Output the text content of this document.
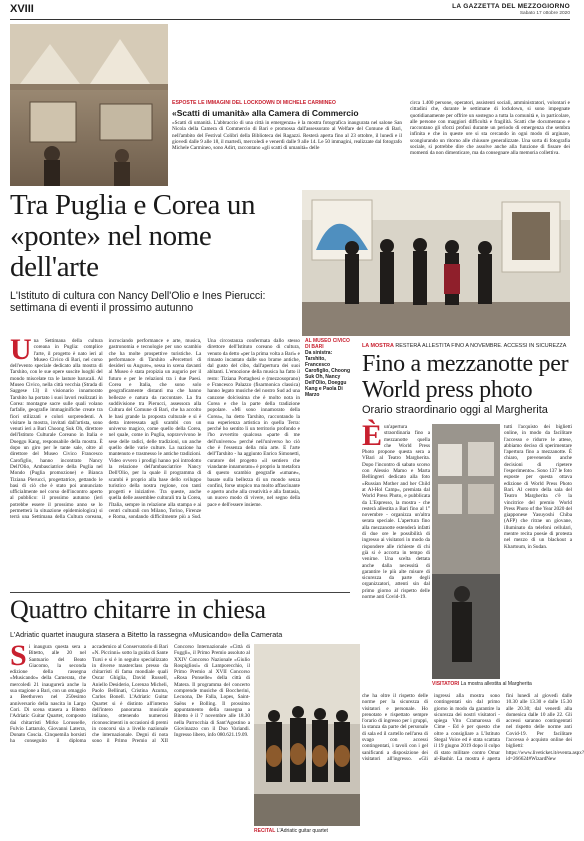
XVIII	LA GAZZETTA DEL MEZZOGIORNO
Sabato 17 ottobre 2020
ESPOSTE LE IMMAGINI DEL LOCKDOWN DI MICHELE CARMINEO
«Scatti di umanità» alla Camera di Commercio
«Scatti di umanità. L'abbraccio di una città in emergenza» è la mostra fotografica inaugurata nel salone San Nicola della Camera di Commercio di Bari e promossa dall'assessorato al Welfare del Comune di Bari, nell'ambito del Festival Colibrì della Biblioteca dei Ragazzi. Resterà aperta fino al 23 ottobre, il lunedì e il giovedì dalle 9 alle 18, il martedì, mercoledì e venerdì dalle 9 alle 14. Le 50 immagini, realizzate dal fotografo Michele Carmineo, sono Adirt, raccontano «gli scatti di umanità» delle
circa 1.400 persone, operatori, assistenti sociali, amministratori, volontari e cittadini che, durante le settimane di lockdown, si sono impegnate quotidianamente per offrire un sostegno a tutta la comunità e, in particolare, alle persone con maggiori difficoltà e fragilità. Scatti che documentano e raccontano gli sforzi profusi durante un periodo di emergenza che sembra infinita e che in queste ore si sta cercando in ogni modo di arginare, scongiurando un ritorno alle chiusure generalizzate. Una sorta di fotografia sociale, si potrebbe dire che assolve anche alla funzione di fissare dei momenti da non dimenticare, ma da consegnare alla memoria collettiva.
Tra Puglia e Corea un «ponte» nel nome dell'arte
L'Istituto di cultura con Nancy Dell'Olio e Ines Pierucci: settimana di eventi il prossimo autunno
Una Settimana della cultura coreana in Puglia: complice l'arte, il progetto è nato ieri al Museo Civico di Bari, nel corso dell'evento speciale dedicato alla mostra di Tarshito, con le sue opere suscite luoghi del mondo miscelate tra le lasture barucali. Al Museo Civico, nella città vecchia (Strada di Saggese 13) il visionario innamorato Tarshito ha portato i suoi lavori realizzati in Corea: montagne sacre sulle quali volano farfalle, geografie immaginifiche create tra fiori stilizzati e colori sorprendenti. A visitare la mostra, invitati dall'artista, sono venuti ieri a Bari Choong Suk Oh, direttore dell'Istituto Culturale Coreano in Italia e Doeggu Kang, responsabile della mostra. È dopo un giro per le tante sale, oltre al direttore del Museo Civico Francesco Carofiglio, hanno incontrato Nancy Dell'Olio, Ambasciatrice della Puglia nel Mondo (Puglia promozione) e Bianca Tiziana Pierucci, progettatrice, gettando le basi di ciò che è stato poi annunciato ufficialmente nel corso dell'incontro aperto al pubblico: il prossimo autunno (ieri potrebbe essere il prossimo anno se lo permetterà la situazione epidemiologica) si terrà una Settimana della Cultura coreana, incrociando performance e arte, musica, gastronomia e tecnologie per uno scambio che ha molte prospettive turistiche. La performance di Tarshito «Percettori di desideri su Augure», sessa in scena davanti al Museo è stata propizia un augurio per il futuro e per le relazioni tra i due Paesi. Corea e Italia, che sono solo geograficamente distanti ma che hanno bellezze e natura da raccontare. La fra suddivisione tra Pierucci, assessora alla Cultura del Comune di Bari, che ha accolto le basi grande la proposta culturale e si è detta interessata agli scambi con un universo magico, come quello della Corea, nel quale, come in Puglia, sopravvivono le sese delle radici, delle tradizioni, un anche quello delle varie culture. La nazione ha mantenuto e trasmesso le antiche tradizioni. Video ovvero i prodigi hanno poi introdotto la relazione dell'ambasciatrice Nancy Dell'Olio, per la quale il programma di scambi è proprio alla base dello sviluppo turistico della nostra regione, con tanti progetti e iniziative. Tra queste, anche quella delle assemblee culturali tra la Corea, l'Italia, sempre in relazione alla stampa e ai centri culturali con Milano, Torino, Firenze e Roma, sondando difficilmente più a Sud. Una circostanza confermata dallo stesso direttore dell'Istituto coreano di cultura, venuto da detto «per la prima volta a Bari» e rimasto incantato dalle suo brame antiche, dal gusto del cibo, dall'apertura dei suoi abitanti. L'emozione della musica ha fatto il resto: Tiziana Portaghesi e (mezzosoprano) e Francesco Palazzo (fisarmonica classica) hanno legato musiche del nostro Sud ad una canzone dolcissima che è molto nota in Corea e che la parte della tradizione popolare. «Mi sono innamorato della Corea», ha detto Tarshito, raccontando la sua esperienza artistica in quella Terra: perché ho sentito lì un territorio profondo e l'ho avvertito qualcosa «parte di me dell'universo» perché nell'universo ho ciò che è l'essenza della mia arte. E l'arte dell'Tarshito - ha aggiunto Enrico Simonetti, curatore del progetto «il sentiero che viandante innamorato» è proprio la metafora di questo scambio geografie «umane», basate sulla bellezza di un mondo senza confini, forse utopico ma molto affascinante e aperto anche alla creatività e alla fantasia, un nuovo modo di vivere, nel segno della pace e dell'essere insieme.
AL MUSEO CIVICO DI BARI
Da sinistra: Tarshito, Francesco Carofiglio, Choong Suk Oh, Nancy Dell'Olio, Doeggu Kang e Paola Di Marzo
LA MOSTRA RESTERÀ ALLESTITA FINO A NOVEMBRE. ACCESSI IN SICUREZZA
Fino a mezzanotte per World press photo
Orario straordinario oggi al Margherita
Èun'apertura straordinaria fino a mezzanotte quella che World Press Photo propone questa sera a VBari al Teatro Margherita. Dopo l'incontro di sabato scorso con Alessio Mamo e Marta Bellingreri dedicato alla foto «Russian Mother and her Child at Al-Hol Camp», premiata dal World Press Photo, e pubblicata da L'Espresso, la mostra - che resterà allestita a Bari fino al 1° novembre - organizza un'altra serata speciale. L'apertura fino alla mezzanotte estenderà infatti di due ore le possibilità di ingresso ai visitatori in modo da rispondere alle richieste di chi già si è accorta in tempo di venirne. Una scelta dettata anche dalla necessità di garantire le più alte misure di sicurezza da parte degli organizzatori, attenti sin dal primo giorno al rispetto delle norme anti Covid-19.
tutti l'acquisto dei biglietti online, in modo da facilitare l'accesso e ridurre le attese, abbiamo deciso di sperimentare l'apertura fino a mezzanotte. È chiaro, prevenendo anche decisioni di ripetere l'esperimento». Sono 137 le foto esposte per questa ottava edizione di World Press Photo Bari. Al centro della sala del Teatro Margherita c'è la vincitrice del premio World Press Photo of the Year 2020 del giapponese Yasuyoshi Chiba (AFP) che ritrae un giovane, illuminato da telefoni cellulari, mentre recita poesie di protesta nel mezzo di un blackout a Khartoum, in Sudan.
VISITATORI La mostra allestita al Margherita
che ha oltre il rispetto delle norme per la sicurezza di visitatori e personale. Ho prenotato e rispettato sempre l'orario di ingresso per i gruppi, la stanza da parte del personale di sala ed il cartello nell'area di svago con accessi contingentati, i tavoli con i gel sanificanti a disposizione dei visitatori all'ingresso. «Gli ingressi alla mostra sono contingentati sin dal primo giorno in modo da garantire la sicurezza dei nostri visitatori - spiega Vito Cramarossa di Cime - Ed è per questo che oltre a consigliare a L'Istituto Stegal Voice ed è stata scattata il 19 giugno 2019 dopo il colpo di stato militare contro Omar al-Bashir. La mostra è aperta fini lunedì al giovedì dalle 10.30 alle 13.30 e dalle 15.30 alle 20.30; dal venerdì alla domenica dalle 10 alle 22. Gli accessi saranno contingentati nel rispetto delle norme anti Covid-19. Per facilitare l'accesso è acquisto online dei biglietti: https://www.liveticket.it/eventa.aspx?id=266624#WizardNew
Quattro chitarre in chiesa
L'Adriatic quartet inaugura stasera a Bitetto la rassegna «Musicando» della Camerata
Si inaugura questa sera a Bitetto, alle 20 nel Santuario del Beato Giacomo, la seconda edizione della rassegna «Musicando» della Camerata, che mercoledì 21 inaugurerà anche la sua stagione a Bari, con un omaggio a Beethoven nel 250esimo anniversario della nascita in Largo Cori. Di scena stasera a Bitetto l'Adriatic Guitar Quartet, composto dai chitarristi Mirko Lorusselle, Fulvio Lattarulo, Giovanni Laterra, Donato Coscia. Cinquemila borsisti ha conseguito il diploma accademico al Conservatorio di Bari «N. Piccinni» sotto la guida di Sante Tursi e si è in seguito specializzato in diverse masterclass presso da chitarristi di fama mondiale quali Oscar Ghiglia, David Russell, Aniello Desiderio, Lorenzo Micheli, Paolo Bellinati, Cristina Azuma, Carlos Bonell. L'Adriatic Guitar Quartet si è distinto all'interno dell'intero panorama musicale italiano, ottenendo numerosi riconoscimenti in occasioni di premi in concorsi sia a livello nazionale che internazionale. Degni di nota sono il Primo Premio al XII Concorso Internazionale «Città di Fuggli», il Primo Premio assoluto al XXIV Concorso Nazionale «Giulio Rospigliosi» di Lamporecchio, il Primo Premio al XVII Concorso «Rosa Ponselle» della città di Matera. Il programma del concerto comprende musiche di Boccherini, Lecuona, De Falla, Lopes, Saint-Saëns e Bolling. Il prossimo appuntamento della rassegna a Bitetto è il 7 novembre alle 18.30 nella Parrocchia di Sant'Agostino a Giovinazzo con il Duo Variandi. Ingresso libero, info 080.621.19.09.
RECITAL L'Adriatic guitar quartet
